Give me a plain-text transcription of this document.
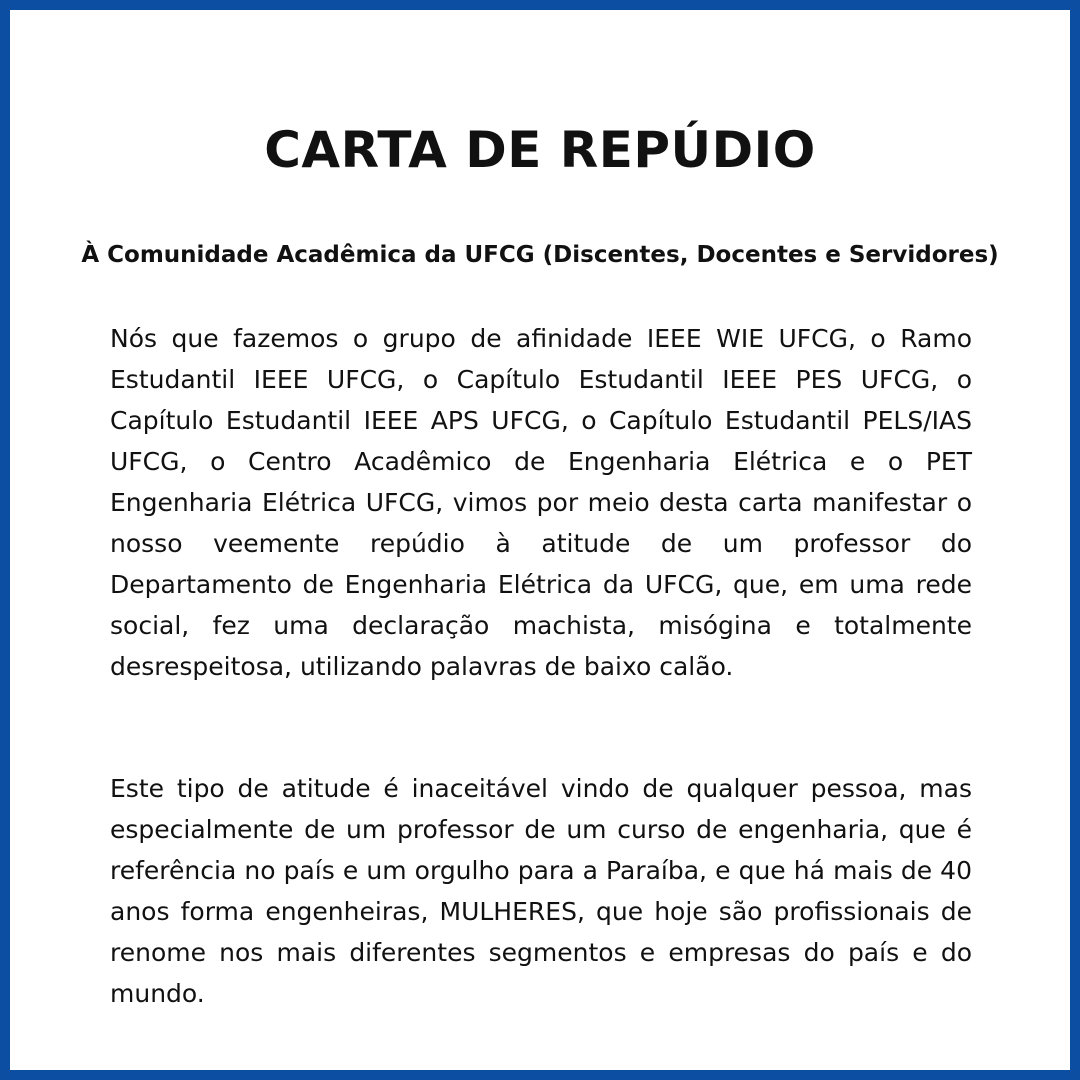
CARTA DE REPÚDIO

À Comunidade Acadêmica da UFCG (Discentes, Docentes e Servidores)

Nós que fazemos o grupo de afinidade IEEE WIE UFCG, o Ramo Estudantil IEEE UFCG, o Capítulo Estudantil IEEE PES UFCG, o Capítulo Estudantil IEEE APS UFCG, o Capítulo Estudantil PELS/IAS UFCG, o Centro Acadêmico de Engenharia Elétrica e o PET Engenharia Elétrica UFCG, vimos por meio desta carta manifestar o nosso veemente repúdio à atitude de um professor do Departamento de Engenharia Elétrica da UFCG, que, em uma rede social, fez uma declaração machista, misógina e totalmente desrespeitosa, utilizando palavras de baixo calão.

Este tipo de atitude é inaceitável vindo de qualquer pessoa, mas especialmente de um professor de um curso de engenharia, que é referência no país e um orgulho para a Paraíba, e que há mais de 40 anos forma engenheiras, MULHERES, que hoje são profissionais de renome nos mais diferentes segmentos e empresas do país e do mundo.
